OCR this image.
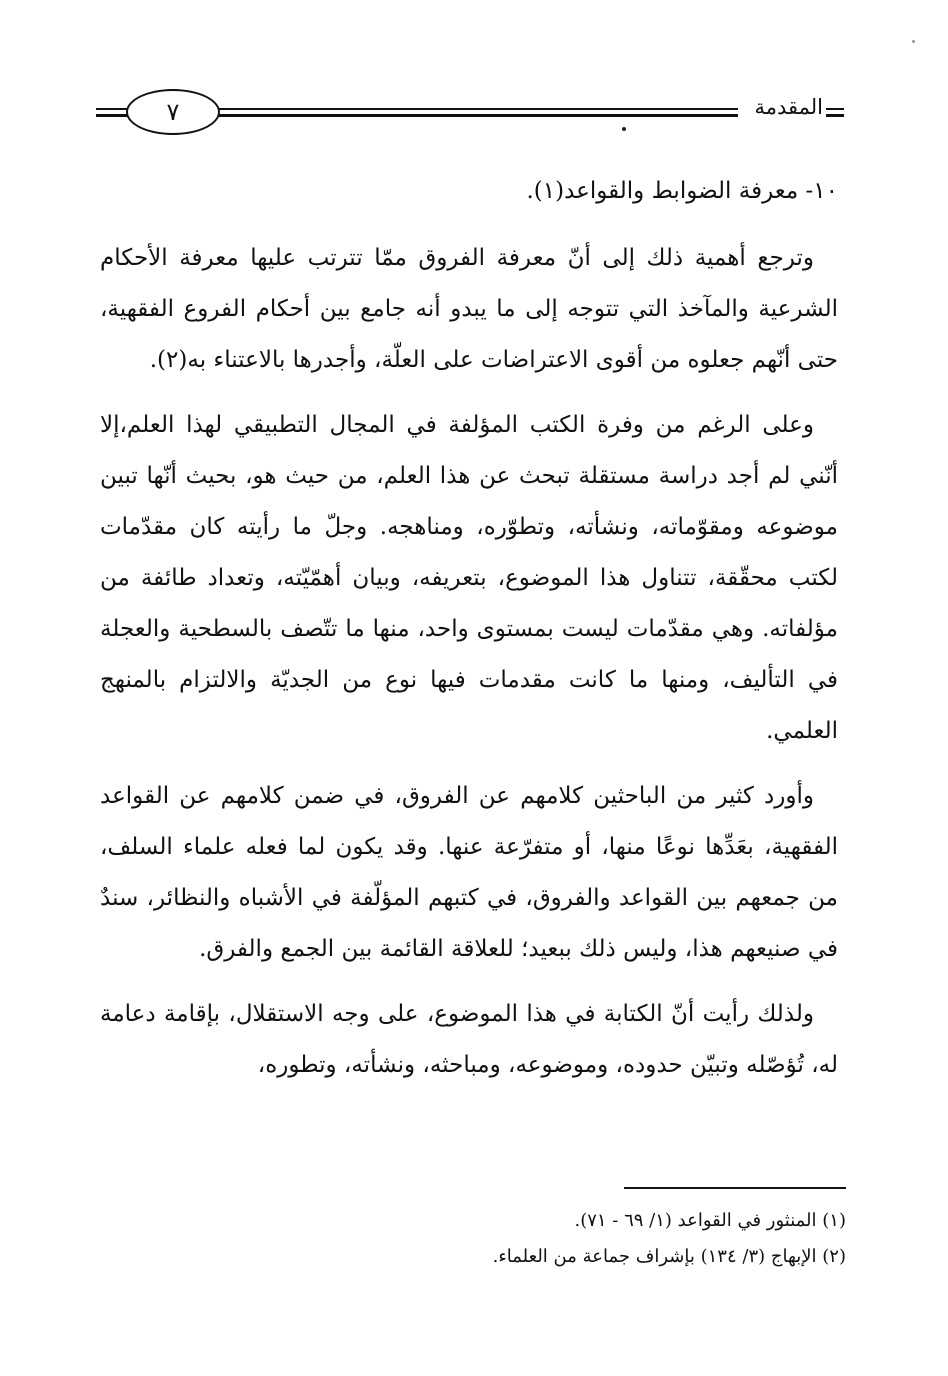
٧	المقدمة

١٠- معرفة الضوابط والقواعد(١).

وترجع أهمية ذلك إلى أنّ معرفة الفروق ممّا تترتب عليها معرفة الأحكام الشرعية والمآخذ التي تتوجه إلى ما يبدو أنه جامع بين أحكام الفروع الفقهية، حتى أنّهم جعلوه من أقوى الاعتراضات على العلّة، وأجدرها بالاعتناء به(٢).

وعلى الرغم من وفرة الكتب المؤلفة في المجال التطبيقي لهذا العلم،إلا أنّني لم أجد دراسة مستقلة تبحث عن هذا العلم، من حيث هو، بحيث أنّها تبين موضوعه ومقوّماته، ونشأته، وتطوّره، ومناهجه. وجلّ ما رأيته كان مقدّمات لكتب محقّقة، تتناول هذا الموضوع، بتعريفه، وبيان أهمّيّته، وتعداد طائفة من مؤلفاته. وهي مقدّمات ليست بمستوى واحد، منها ما تتّصف بالسطحية والعجلة في التأليف، ومنها ما كانت مقدمات فيها نوع من الجديّة والالتزام بالمنهج العلمي.

وأورد كثير من الباحثين كلامهم عن الفروق، في ضمن كلامهم عن القواعد الفقهية، بعَدِّها نوعًا منها، أو متفرّعة عنها. وقد يكون لما فعله علماء السلف، من جمعهم بين القواعد والفروق، في كتبهم المؤلّفة في الأشباه والنظائر، سندٌ في صنيعهم هذا، وليس ذلك ببعيد؛ للعلاقة القائمة بين الجمع والفرق.

ولذلك رأيت أنّ الكتابة في هذا الموضوع، على وجه الاستقلال، بإقامة دعامة له، تُؤصّله وتبيّن حدوده، وموضوعه، ومباحثه، ونشأته، وتطوره،

(١) المنثور في القواعد (١/ ٦٩ - ٧١).
(٢) الإبهاج (٣/ ١٣٤) بإشراف جماعة من العلماء.
